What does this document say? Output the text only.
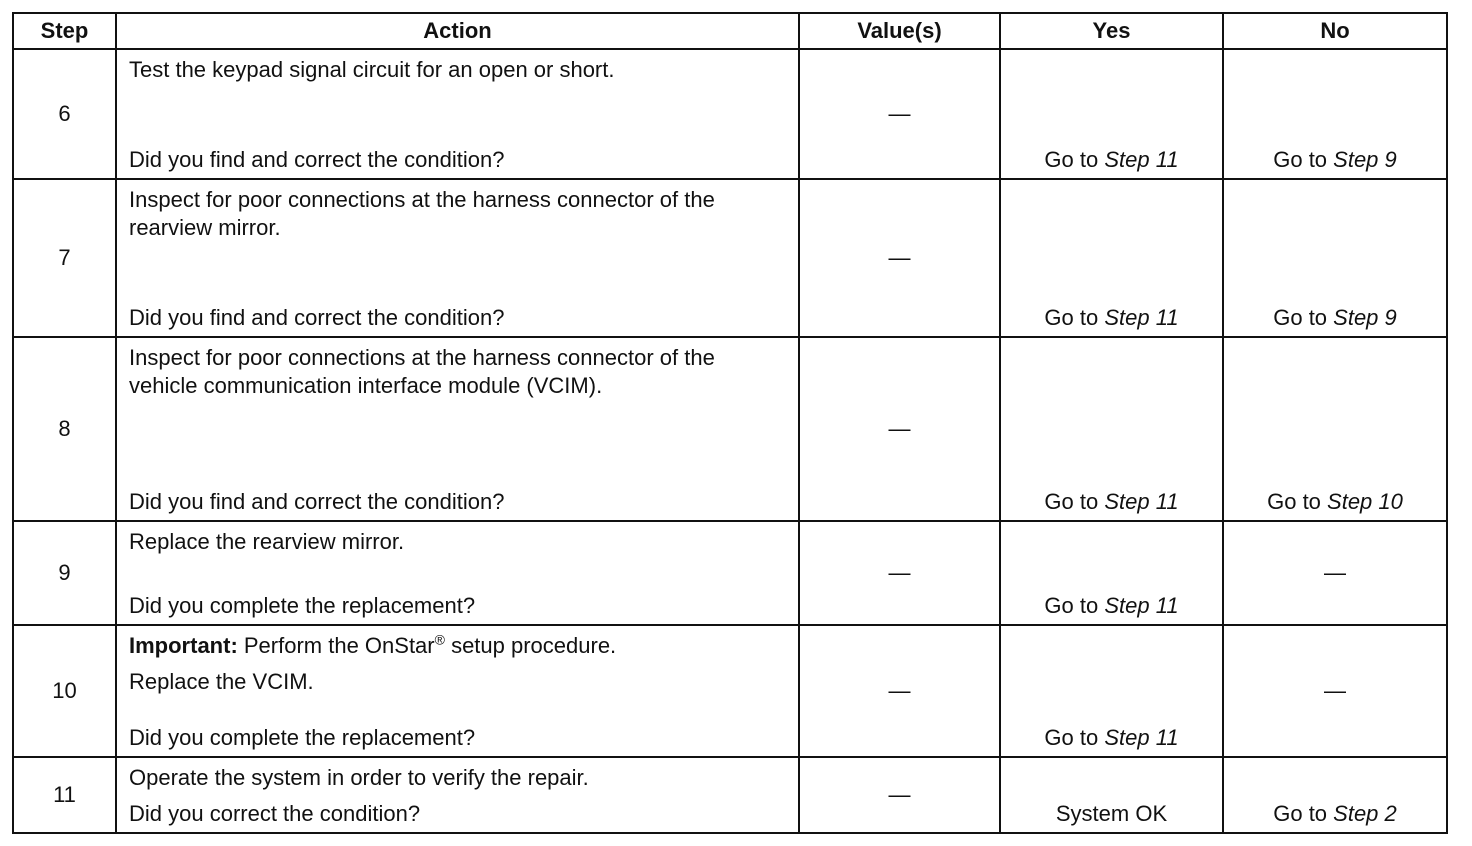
Step	Action	Value(s)	Yes	No
6	Test the keypad signal circuit for an open or short.

Did you find and correct the condition?	—	Go to Step 11	Go to Step 9
7	Inspect for poor connections at the harness connector of the rearview mirror.

Did you find and correct the condition?	—	Go to Step 11	Go to Step 9
8	Inspect for poor connections at the harness connector of the vehicle communication interface module (VCIM).

Did you find and correct the condition?	—	Go to Step 11	Go to Step 10
9	Replace the rearview mirror.

Did you complete the replacement?	—	Go to Step 11	—
10	Important: Perform the OnStar® setup procedure.

Replace the VCIM.

Did you complete the replacement?	—	Go to Step 11	—
11	Operate the system in order to verify the repair.

Did you correct the condition?	—	System OK	Go to Step 2
